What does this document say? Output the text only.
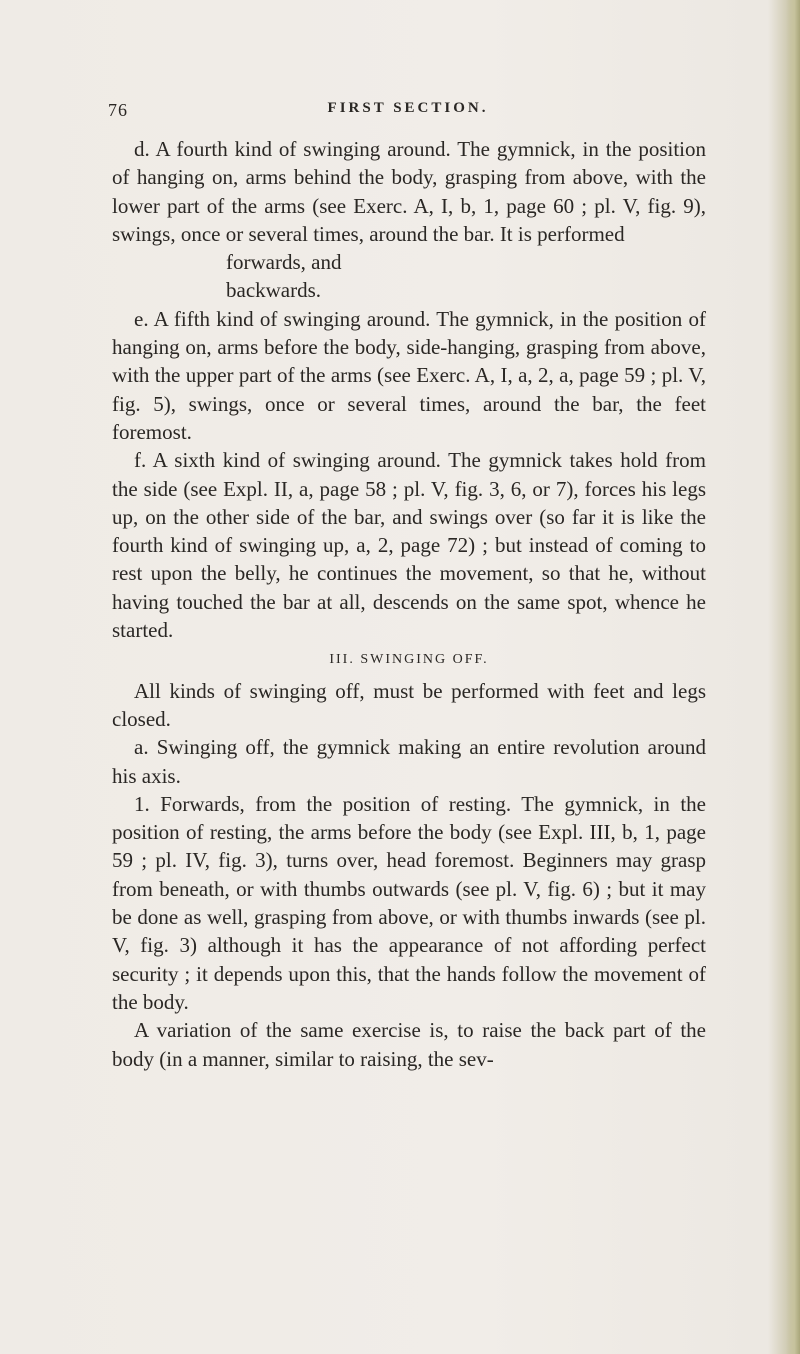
76	FIRST SECTION.

d. A fourth kind of swinging around. The gymnick, in the position of hanging on, arms behind the body, grasping from above, with the lower part of the arms (see Exerc. A, I, b, 1, page 60 ; pl. V, fig. 9), swings, once or several times, around the bar. It is performed

forwards, and

backwards.

e. A fifth kind of swinging around. The gymnick, in the position of hanging on, arms before the body, side-hanging, grasping from above, with the upper part of the arms (see Exerc. A, I, a, 2, a, page 59 ; pl. V, fig. 5), swings, once or several times, around the bar, the feet foremost.

f. A sixth kind of swinging around. The gymnick takes hold from the side (see Expl. II, a, page 58 ; pl. V, fig. 3, 6, or 7), forces his legs up, on the other side of the bar, and swings over (so far it is like the fourth kind of swinging up, a, 2, page 72) ; but instead of coming to rest upon the belly, he continues the movement, so that he, without having touched the bar at all, descends on the same spot, whence he started.

III. SWINGING OFF.

All kinds of swinging off, must be performed with feet and legs closed.

a. Swinging off, the gymnick making an entire revolution around his axis.

1. Forwards, from the position of resting. The gymnick, in the position of resting, the arms before the body (see Expl. III, b, 1, page 59 ; pl. IV, fig. 3), turns over, head foremost. Beginners may grasp from beneath, or with thumbs outwards (see pl. V, fig. 6) ; but it may be done as well, grasping from above, or with thumbs inwards (see pl. V, fig. 3) although it has the appearance of not affording perfect security ; it depends upon this, that the hands follow the movement of the body.

A variation of the same exercise is, to raise the back part of the body (in a manner, similar to raising, the sev-
